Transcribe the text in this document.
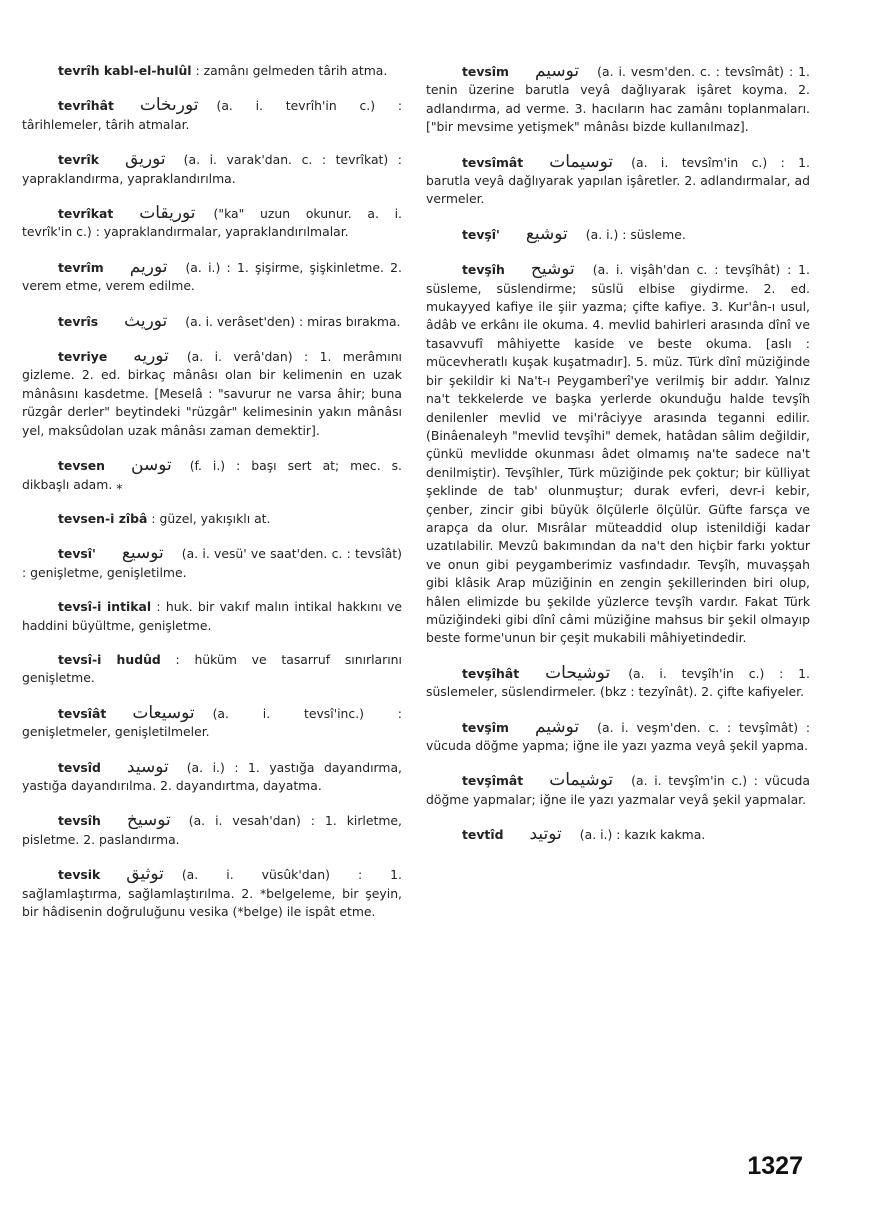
tevrîh kabl-el-hulûl : zamânı gelmeden târih atma.
tevrîhât تورىخات (a. i. tevrîh'in c.) : târihlemeler, târih atmalar.
tevrîk توريق (a. i. varak'dan. c. : tevrîkat) : yapraklandırma, yapraklandırılma.
tevrîkat توريقات ("ka" uzun okunur. a. i. tevrîk'in c.) : yapraklandırmalar, yapraklandırılmalar.
tevrîm توريم (a. i.) : 1. şişirme, şişkinletme. 2. verem etme, verem edilme.
tevrîs توريث (a. i. verâset'den) : miras bırakma.
tevriye توريه (a. i. verâ'dan) : 1. merâmını gizleme. 2. ed. birkaç mânâsı olan bir kelimenin en uzak mânâsını kasdetme. [Meselâ : "savurur ne varsa âhir; buna rüzgâr derler" beytindeki "rüzgâr" kelimesinin yakın mânâsı yel, maksûdolan uzak mânâsı zaman demektir].
tevsen توسن (f. i.) : başı sert at; mec. s. dikbaşlı adam. ⁎
tevsen-i zîbâ : güzel, yakışıklı at.
tevsî' توسيع (a. i. vesü' ve saat'den. c. : tevsîât) : genişletme, genişletilme.
tevsî-i intikal : huk. bir vakıf malın intikal hakkını ve haddini büyültme, genişletme.
tevsî-i hudûd : hüküm ve tasarruf sınırlarını genişletme.
tevsîât توسيعات (a. i. tevsî'inc.) : genişletmeler, genişletilmeler.
tevsîd توسيد (a. i.) : 1. yastığa dayandırma, yastığa dayandırılma. 2. dayandırtma, dayatma.
tevsîh توسيخ (a. i. vesah'dan) : 1. kirletme, pisletme. 2. paslandırma.
tevsik توثيق (a. i. vüsûk'dan) : 1. sağlamlaştırma, sağlamlaştırılma. 2. *belgeleme, bir şeyin, bir hâdisenin doğruluğunu vesika (*belge) ile ispât etme.
tevsîm توسيم (a. i. vesm'den. c. : tevsîmât) : 1. tenin üzerine barutla veyâ dağlıyarak işâret koyma. 2. adlandırma, ad verme. 3. hacıların hac zamânı toplanmaları. ["bir mevsime yetişmek" mânâsı bizde kullanılmaz].
tevsîmât توسيمات (a. i. tevsîm'in c.) : 1. barutla veyâ dağlıyarak yapılan işâretler. 2. adlandırmalar, ad vermeler.
tevşî' توشيع (a. i.) : süsleme.
tevşîh توشيح (a. i. vişâh'dan c. : tevşîhât) : 1. süsleme, süslendirme; süslü elbise giydirme. 2. ed. mukayyed kafiye ile şiir yazma; çifte kafiye. 3. Kur'ân-ı usul, âdâb ve erkânı ile okuma. 4. mevlid bahirleri arasında dînî ve tasavvufî mâhiyette kaside ve beste okuma. [aslı : mücevheratlı kuşak kuşatmadır]. 5. müz. Türk dînî müziğinde bir şekildir ki Na't-ı Peygamberî'ye verilmiş bir addır. Yalnız na't tekkelerde ve başka yerlerde okunduğu halde tevşîh denilenler mevlid ve mi'râciyye arasında teganni edilir. (Binâenaleyh "mevlid tevşîhi" demek, hatâdan sâlim değildir, çünkü mevlidde okunması âdet olmamış na'te sadece na't denilmiştir). Tevşîhler, Türk müziğinde pek çoktur; bir külliyat şeklinde de tab' olunmuştur; durak evferi, devr-i kebir, çenber, zincir gibi büyük ölçülerle ölçülür. Güfte farsça ve arapça da olur. Mısrâlar müteaddid olup istenildiği kadar uzatılabilir. Mevzû bakımından da na't den hiçbir farkı yoktur ve onun gibi peygamberimiz vasfındadır. Tevşîh, muvaşşah gibi klâsik Arap müziğinin en zengin şekillerinden biri olup, hâlen elimizde bu şekilde yüzlerce tevşîh vardır. Fakat Türk müziğindeki gibi dînî câmi müziğine mahsus bir şekil olmayıp beste forme'unun bir çeşit mukabili mâhiyetindedir.
tevşîhât توشيحات (a. i. tevşîh'in c.) : 1. süslemeler, süslendirmeler. (bkz : tezyînât). 2. çifte kafiyeler.
tevşîm توشيم (a. i. veşm'den. c. : tevşîmât) : vücuda döğme yapma; iğne ile yazı yazma veyâ şekil yapma.
tevşîmât توشيمات (a. i. tevşîm'in c.) : vücuda döğme yapmalar; iğne ile yazı yazmalar veyâ şekil yapmalar.
tevtîd توتيد (a. i.) : kazık kakma.
1327
